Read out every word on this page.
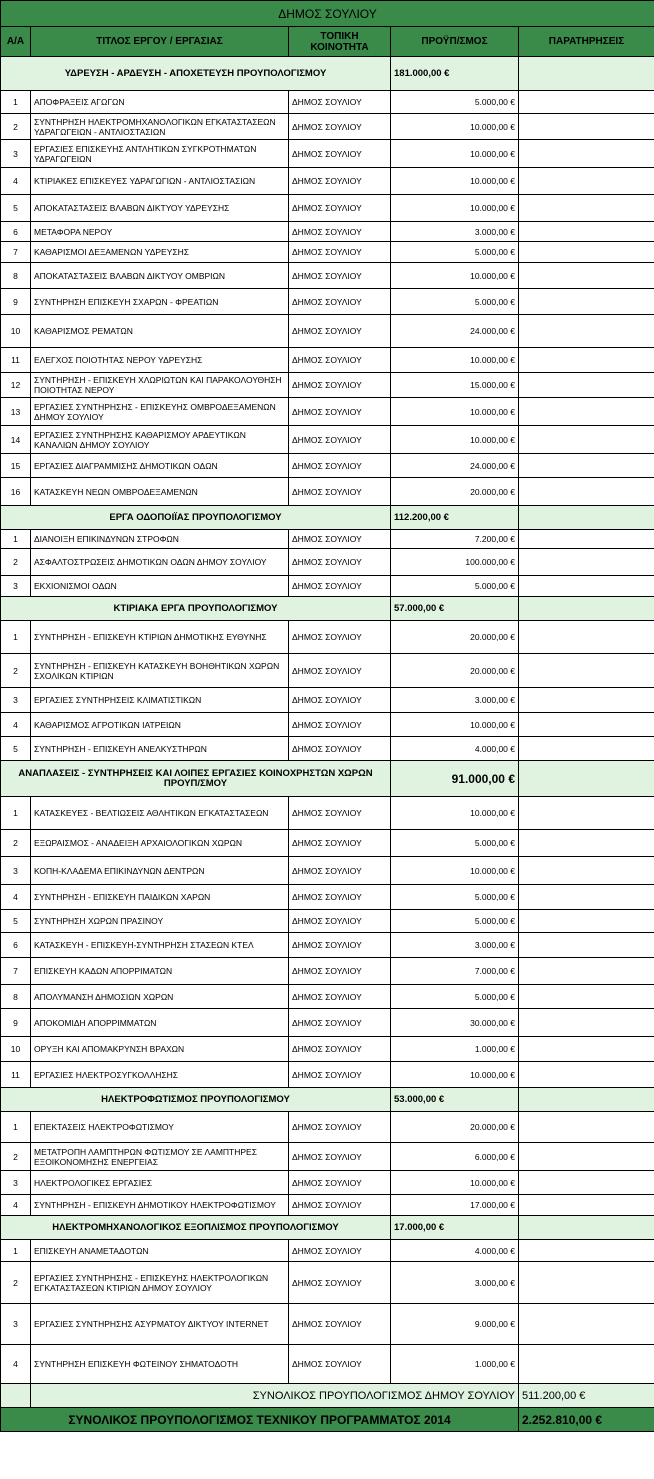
ΔΗΜΟΣ ΣΟΥΛΙΟΥ				
Α/Α	ΤΙΤΛΟΣ ΕΡΓΟΥ / ΕΡΓΑΣΙΑΣ	ΤΟΠΙΚΗ ΚΟΙΝΟΤΗΤΑ	ΠΡΟΫΠ/ΣΜΟΣ	ΠΑΡΑΤΗΡΗΣΕΙΣ
ΥΔΡΕΥΣΗ - ΑΡΔΕΥΣΗ - ΑΠΟΧΕΤΕΥΣΗ ΠΡΟΥΠΟΛΟΓΙΣΜΟΥ			181.000,00 €	
1	ΑΠΟΦΡΑΞΕΙΣ ΑΓΩΓΩΝ	ΔΗΜΟΣ ΣΟΥΛΙΟΥ	5.000,00 €	
2	ΣΥΝΤΗΡΗΣΗ ΗΛΕΚΤΡΟΜΗΧΑΝΟΛΟΓΙΚΩΝ ΕΓΚΑΤΑΣΤΑΣΕΩΝ ΥΔΡΑΓΩΓΕΙΩΝ - ΑΝΤΛΙΟΣΤΑΣΙΩΝ	ΔΗΜΟΣ ΣΟΥΛΙΟΥ	10.000,00 €	
3	ΕΡΓΑΣΙΕΣ ΕΠΙΣΚΕΥΗΣ ΑΝΤΛΗΤΙΚΩΝ ΣΥΓΚΡΟΤΗΜΑΤΩΝ ΥΔΡΑΓΩΓΕΙΩΝ	ΔΗΜΟΣ ΣΟΥΛΙΟΥ	10.000,00 €	
4	ΚΤΙΡΙΑΚΕΣ ΕΠΙΣΚΕΥΕΣ ΥΔΡΑΓΩΓΙΩΝ - ΑΝΤΛΙΟΣΤΑΣΙΩΝ	ΔΗΜΟΣ ΣΟΥΛΙΟΥ	10.000,00 €	
5	ΑΠΟΚΑΤΑΣΤΑΣΕΙΣ ΒΛΑΒΩΝ ΔΙΚΤΥΟΥ ΥΔΡΕΥΣΗΣ	ΔΗΜΟΣ ΣΟΥΛΙΟΥ	10.000,00 €	
6	ΜΕΤΑΦΟΡΑ ΝΕΡΟΥ	ΔΗΜΟΣ ΣΟΥΛΙΟΥ	3.000,00 €	
7	ΚΑΘΑΡΙΣΜΟΙ ΔΕΞΑΜΕΝΩΝ ΥΔΡΕΥΣΗΣ	ΔΗΜΟΣ ΣΟΥΛΙΟΥ	5.000,00 €	
8	ΑΠΟΚΑΤΑΣΤΑΣΕΙΣ ΒΛΑΒΩΝ ΔΙΚΤΥΟΥ ΟΜΒΡΙΩΝ	ΔΗΜΟΣ ΣΟΥΛΙΟΥ	10.000,00 €	
9	ΣΥΝΤΗΡΗΣΗ ΕΠΙΣΚΕΥΗ ΣΧΑΡΩΝ - ΦΡΕΑΤΙΩΝ	ΔΗΜΟΣ ΣΟΥΛΙΟΥ	5.000,00 €	
10	ΚΑΘΑΡΙΣΜΟΣ ΡΕΜΑΤΩΝ	ΔΗΜΟΣ ΣΟΥΛΙΟΥ	24.000,00 €	
11	ΕΛΕΓΧΟΣ ΠΟΙΟΤΗΤΑΣ ΝΕΡΟΥ ΥΔΡΕΥΣΗΣ	ΔΗΜΟΣ ΣΟΥΛΙΟΥ	10.000,00 €	
12	ΣΥΝΤΗΡΗΣΗ - ΕΠΙΣΚΕΥΗ ΧΛΩΡΙΩΤΩΝ ΚΑΙ ΠΑΡΑΚΟΛΟΥΘΗΣΗ ΠΟΙΟΤΗΤΑΣ ΝΕΡΟΥ	ΔΗΜΟΣ ΣΟΥΛΙΟΥ	15.000,00 €	
13	ΕΡΓΑΣΙΕΣ ΣΥΝΤΗΡΗΣΗΣ - ΕΠΙΣΚΕΥΗΣ ΟΜΒΡΟΔΕΞΑΜΕΝΩΝ ΔΗΜΟΥ ΣΟΥΛΙΟΥ	ΔΗΜΟΣ ΣΟΥΛΙΟΥ	10.000,00 €	
14	ΕΡΓΑΣΙΕΣ ΣΥΝΤΗΡΗΣΗΣ ΚΑΘΑΡΙΣΜΟΥ ΑΡΔΕΥΤΙΚΩΝ ΚΑΝΑΛΙΩΝ ΔΗΜΟΥ ΣΟΥΛΙΟΥ	ΔΗΜΟΣ ΣΟΥΛΙΟΥ	10.000,00 €	
15	ΕΡΓΑΣΙΕΣ ΔΙΑΓΡΑΜΜΙΣΗΣ ΔΗΜΟΤΙΚΩΝ ΟΔΩΝ	ΔΗΜΟΣ ΣΟΥΛΙΟΥ	24.000,00 €	
16	ΚΑΤΑΣΚΕΥΗ ΝΕΩΝ ΟΜΒΡΟΔΕΞΑΜΕΝΩΝ	ΔΗΜΟΣ ΣΟΥΛΙΟΥ	20.000,00 €	
ΕΡΓΑ ΟΔΟΠΟΙΪΑΣ ΠΡΟΥΠΟΛΟΓΙΣΜΟΥ			112.200,00 €	
1	ΔΙΑΝΟΙΞΗ ΕΠΙΚΙΝΔΥΝΩΝ ΣΤΡΟΦΩΝ	ΔΗΜΟΣ ΣΟΥΛΙΟΥ	7.200,00 €	
2	ΑΣΦΑΛΤΟΣΤΡΩΣΕΙΣ ΔΗΜΟΤΙΚΩΝ ΟΔΩΝ ΔΗΜΟΥ ΣΟΥΛΙΟΥ	ΔΗΜΟΣ ΣΟΥΛΙΟΥ	100.000,00 €	
3	ΕΚΧΙΟΝΙΣΜΟΙ ΟΔΩΝ	ΔΗΜΟΣ ΣΟΥΛΙΟΥ	5.000,00 €	
ΚΤΙΡΙΑΚΑ ΕΡΓΑ ΠΡΟΥΠΟΛΟΓΙΣΜΟΥ			57.000,00 €	
1	ΣΥΝΤΗΡΗΣΗ - ΕΠΙΣΚΕΥΗ ΚΤΙΡΙΩΝ ΔΗΜΟΤΙΚΗΣ ΕΥΘΥΝΗΣ	ΔΗΜΟΣ ΣΟΥΛΙΟΥ	20.000,00 €	
2	ΣΥΝΤΗΡΗΣΗ - ΕΠΙΣΚΕΥΗ ΚΑΤΑΣΚΕΥΗ ΒΟΗΘΗΤΙΚΩΝ ΧΩΡΩΝ ΣΧΟΛΙΚΩΝ ΚΤΙΡΙΩΝ	ΔΗΜΟΣ ΣΟΥΛΙΟΥ	20.000,00 €	
3	ΕΡΓΑΣΙΕΣ ΣΥΝΤΗΡΗΣΕΙΣ ΚΛΙΜΑΤΙΣΤΙΚΩΝ	ΔΗΜΟΣ ΣΟΥΛΙΟΥ	3.000,00 €	
4	ΚΑΘΑΡΙΣΜΟΣ ΑΓΡΟΤΙΚΩΝ ΙΑΤΡΕΙΩΝ	ΔΗΜΟΣ ΣΟΥΛΙΟΥ	10.000,00 €	
5	ΣΥΝΤΗΡΗΣΗ - ΕΠΙΣΚΕΥΗ ΑΝΕΛΚΥΣΤΗΡΩΝ	ΔΗΜΟΣ ΣΟΥΛΙΟΥ	4.000,00 €	
ΑΝΑΠΛΑΣΕΙΣ - ΣΥΝΤΗΡΗΣΕΙΣ ΚΑΙ ΛΟΙΠΕΣ ΕΡΓΑΣΙΕΣ ΚΟΙΝΟΧΡΗΣΤΩΝ ΧΩΡΩΝ ΠΡΟΥΠ/ΣΜΟΥ			91.000,00 €	
1	ΚΑΤΑΣΚΕΥΕΣ - ΒΕΛΤΙΩΣΕΙΣ ΑΘΛΗΤΙΚΩΝ ΕΓΚΑΤΑΣΤΑΣΕΩΝ	ΔΗΜΟΣ ΣΟΥΛΙΟΥ	10.000,00 €	
2	ΕΞΩΡΑΙΣΜΟΣ - ΑΝΑΔΕΙΞΗ ΑΡΧΑΙΟΛΟΓΙΚΩΝ ΧΩΡΩΝ	ΔΗΜΟΣ ΣΟΥΛΙΟΥ	5.000,00 €	
3	ΚΟΠΗ-ΚΛΑΔΕΜΑ ΕΠΙΚΙΝΔΥΝΩΝ ΔΕΝΤΡΩΝ	ΔΗΜΟΣ ΣΟΥΛΙΟΥ	10.000,00 €	
4	ΣΥΝΤΗΡΗΣΗ - ΕΠΙΣΚΕΥΗ ΠΑΙΔΙΚΩΝ ΧΑΡΩΝ	ΔΗΜΟΣ ΣΟΥΛΙΟΥ	5.000,00 €	
5	ΣΥΝΤΗΡΗΣΗ ΧΩΡΩΝ ΠΡΑΣΙΝΟΥ	ΔΗΜΟΣ ΣΟΥΛΙΟΥ	5.000,00 €	
6	ΚΑΤΑΣΚΕΥΗ - ΕΠΙΣΚΕΥΗ-ΣΥΝΤΗΡΗΣΗ ΣΤΑΣΕΩΝ ΚΤΕΛ	ΔΗΜΟΣ ΣΟΥΛΙΟΥ	3.000,00 €	
7	ΕΠΙΣΚΕΥΗ ΚΑΔΩΝ ΑΠΟΡΡΙΜΑΤΩΝ	ΔΗΜΟΣ ΣΟΥΛΙΟΥ	7.000,00 €	
8	ΑΠΟΛΥΜΑΝΣΗ ΔΗΜΟΣΙΩΝ ΧΩΡΩΝ	ΔΗΜΟΣ ΣΟΥΛΙΟΥ	5.000,00 €	
9	ΑΠΟΚΟΜΙΔΗ ΑΠΟΡΡΙΜΜΑΤΩΝ	ΔΗΜΟΣ ΣΟΥΛΙΟΥ	30.000,00 €	
10	ΟΡΥΞΗ ΚΑΙ ΑΠΟΜΑΚΡΥΝΣΗ ΒΡΑΧΩΝ	ΔΗΜΟΣ ΣΟΥΛΙΟΥ	1.000,00 €	
11	ΕΡΓΑΣΙΕΣ ΗΛΕΚΤΡΟΣΥΓΚΟΛΛΗΣΗΣ	ΔΗΜΟΣ ΣΟΥΛΙΟΥ	10.000,00 €	
ΗΛΕΚΤΡΟΦΩΤΙΣΜΟΣ ΠΡΟΥΠΟΛΟΓΙΣΜΟΥ			53.000,00 €	
1	ΕΠΕΚΤΑΣΕΙΣ ΗΛΕΚΤΡΟΦΩΤΙΣΜΟΥ	ΔΗΜΟΣ ΣΟΥΛΙΟΥ	20.000,00 €	
2	ΜΕΤΑΤΡΟΠΗ ΛΑΜΠΤΗΡΩΝ ΦΩΤΙΣΜΟΥ ΣΕ ΛΑΜΠΤΗΡΕΣ ΕΞΟΙΚΟΝΟΜΗΣΗΣ ΕΝΕΡΓΕΙΑΣ	ΔΗΜΟΣ ΣΟΥΛΙΟΥ	6.000,00 €	
3	ΗΛΕΚΤΡΟΛΟΓΙΚΕΣ ΕΡΓΑΣΙΕΣ	ΔΗΜΟΣ ΣΟΥΛΙΟΥ	10.000,00 €	
4	ΣΥΝΤΗΡΗΣΗ - ΕΠΙΣΚΕΥΗ ΔΗΜΟΤΙΚΟΥ ΗΛΕΚΤΡΟΦΩΤΙΣΜΟΥ	ΔΗΜΟΣ ΣΟΥΛΙΟΥ	17.000,00 €	
ΗΛΕΚΤΡΟΜΗΧΑΝΟΛΟΓΙΚΟΣ ΕΞΟΠΛΙΣΜΟΣ ΠΡΟΥΠΟΛΟΓΙΣΜΟΥ			17.000,00 €	
1	ΕΠΙΣΚΕΥΗ ΑΝΑΜΕΤΑΔΟΤΩΝ	ΔΗΜΟΣ ΣΟΥΛΙΟΥ	4.000,00 €	
2	ΕΡΓΑΣΙΕΣ ΣΥΝΤΗΡΗΣΗΣ - ΕΠΙΣΚΕΥΗΣ ΗΛΕΚΤΡΟΛΟΓΙΚΩΝ ΕΓΚΑΤΑΣΤΑΣΕΩΝ ΚΤΙΡΙΩΝ ΔΗΜΟΥ ΣΟΥΛΙΟΥ	ΔΗΜΟΣ ΣΟΥΛΙΟΥ	3.000,00 €	
3	ΕΡΓΑΣΙΕΣ ΣΥΝΤΗΡΗΣΗΣ ΑΣΥΡΜΑΤΟΥ ΔΙΚΤΥΟΥ INTERNET	ΔΗΜΟΣ ΣΟΥΛΙΟΥ	9.000,00 €	
4	ΣΥΝΤΗΡΗΣΗ ΕΠΙΣΚΕΥΗ ΦΩΤΕΙΝΟΥ ΣΗΜΑΤΟΔΟΤΗ	ΔΗΜΟΣ ΣΟΥΛΙΟΥ	1.000,00 €	
	ΣΥΝΟΛΙΚΟΣ ΠΡΟΥΠΟΛΟΓΙΣΜΟΣ ΔΗΜΟΥ ΣΟΥΛΙΟΥ			511.200,00 €
ΣΥΝΟΛΙΚΟΣ ΠΡΟΥΠΟΛΟΓΙΣΜΟΣ ΤΕΧΝΙΚΟΥ ΠΡΟΓΡΑΜΜΑΤΟΣ 2014				2.252.810,00 €
